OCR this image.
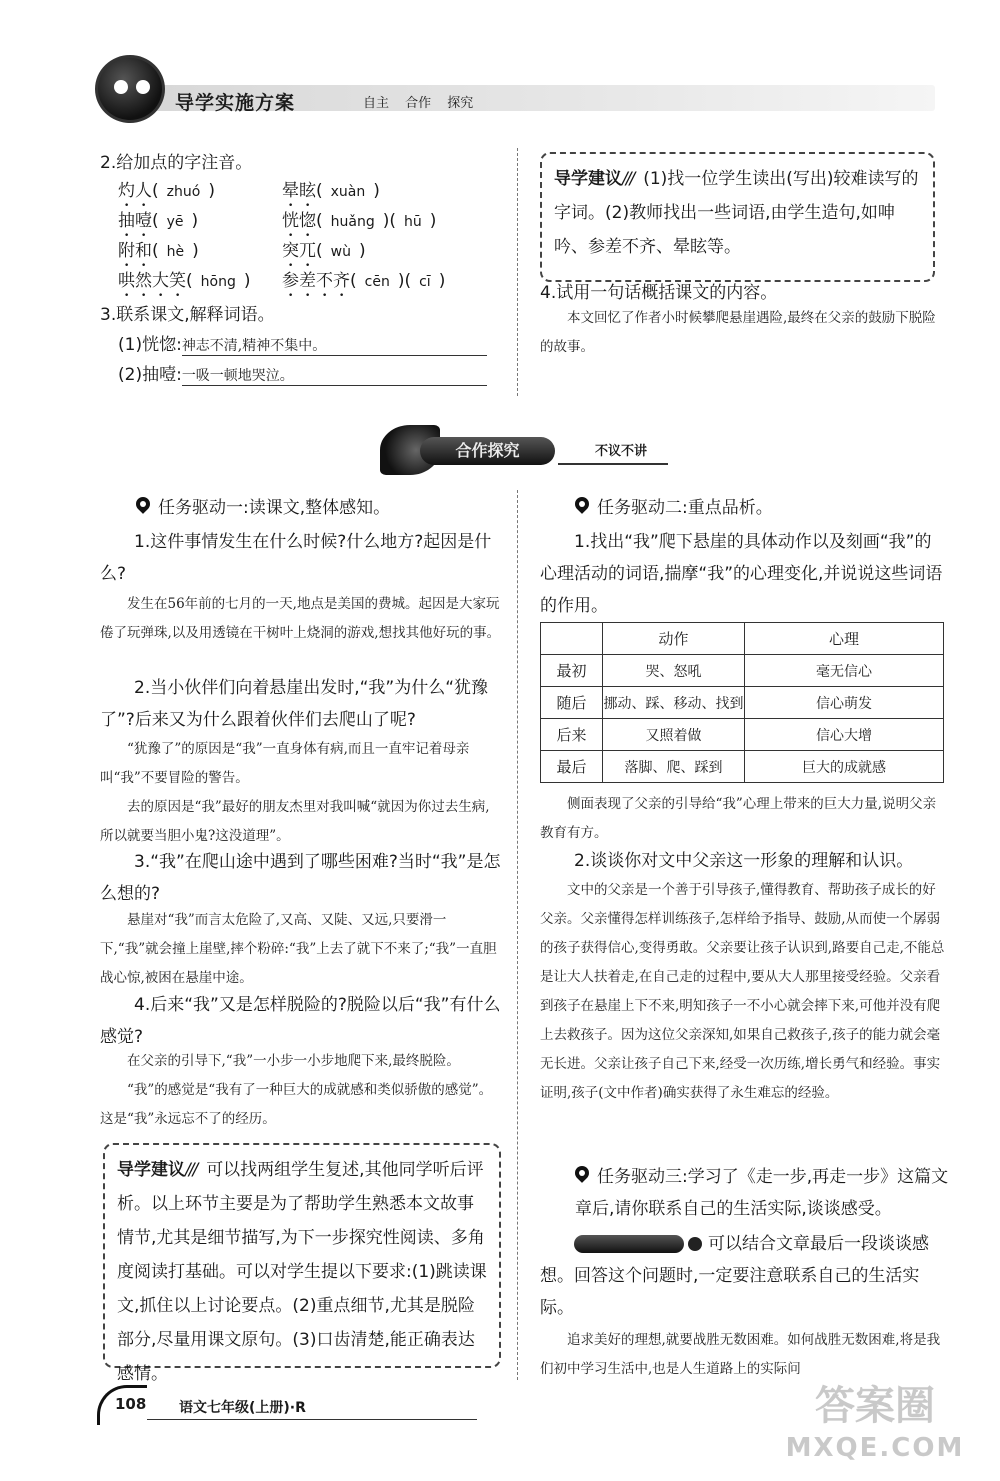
导学实施方案	自主 合作 探究
2.给加点的字注音。
灼人( zhuó )	晕眩( xuàn )
抽噎( yē )	恍惚( huǎng )( hū )
附和( hè )	突兀( wù )
哄然大笑( hōng ) 参差不齐( cēn )( cī )
3.联系课文,解释词语。
(1)恍惚:神志不清,精神不集中。
(2)抽噎:一吸一顿地哭泣。
导学建议/// (1)找一位学生读出(写出)较难读写的字词。(2)教师找出一些词语,由学生造句,如呻吟、参差不齐、晕眩等。
4.试用一句话概括课文的内容。
本文回忆了作者小时候攀爬悬崖遇险,最终在父亲的鼓励下脱险的故事。
合作探究	不议不讲
任务驱动一:读课文,整体感知。
1.这件事情发生在什么时候?什么地方?起因是什么?
发生在56年前的七月的一天,地点是美国的费城。起因是大家玩倦了玩弹珠,以及用透镜在干树叶上烧洞的游戏,想找其他好玩的事。
2.当小伙伴们向着悬崖出发时,“我”为什么“犹豫了”?后来又为什么跟着伙伴们去爬山了呢?
“犹豫了”的原因是“我”一直身体有病,而且一直牢记着母亲叫“我”不要冒险的警告。
去的原因是“我”最好的朋友杰里对我叫喊“就因为你过去生病,所以就要当胆小鬼?这没道理”。
3.“我”在爬山途中遇到了哪些困难?当时“我”是怎么想的?
悬崖对“我”而言太危险了,又高、又陡、又远,只要滑一下,“我”就会撞上崖壁,摔个粉碎:“我”上去了就下不来了;“我”一直胆战心惊,被困在悬崖中途。
4.后来“我”又是怎样脱险的?脱险以后“我”有什么感觉?
在父亲的引导下,“我”一小步一小步地爬下来,最终脱险。
“我”的感觉是“我有了一种巨大的成就感和类似骄傲的感觉”。这是“我”永远忘不了的经历。
导学建议/// 可以找两组学生复述,其他同学听后评析。以上环节主要是为了帮助学生熟悉本文故事情节,尤其是细节描写,为下一步探究性阅读、多角度阅读打基础。可以对学生提以下要求:(1)跳读课文,抓住以上讨论要点。(2)重点细节,尤其是脱险部分,尽量用课文原句。(3)口齿清楚,能正确表达感情。
任务驱动二:重点品析。
1.找出“我”爬下悬崖的具体动作以及刻画“我”的心理活动的词语,揣摩“我”的心理变化,并说说这些词语的作用。
	动作	心理
最初	哭、怒吼	毫无信心
随后	挪动、踩、移动、找到	信心萌发
后来	又照着做	信心大增
最后	落脚、爬、踩到	巨大的成就感
侧面表现了父亲的引导给“我”心理上带来的巨大力量,说明父亲教育有方。
2.谈谈你对文中父亲这一形象的理解和认识。
文中的父亲是一个善于引导孩子,懂得教育、帮助孩子成长的好父亲。父亲懂得怎样训练孩子,怎样给予指导、鼓励,从而使一个孱弱的孩子获得信心,变得勇敢。父亲要让孩子认识到,路要自己走,不能总是让大人扶着走,在自己走的过程中,要从大人那里接受经验。父亲看到孩子在悬崖上下不来,明知孩子一不小心就会摔下来,可他并没有爬上去救孩子。因为这位父亲深知,如果自己救孩子,孩子的能力就会毫无长进。父亲让孩子自己下来,经受一次历练,增长勇气和经验。事实证明,孩子(文中作者)确实获得了永生难忘的经验。
任务驱动三:学习了《走一步,再走一步》这篇文章后,请你联系自己的生活实际,谈谈感受。
可以结合文章最后一段谈谈感想。回答这个问题时,一定要注意联系自己的生活实际。
追求美好的理想,就要战胜无数困难。如何战胜无数困难,将是我们初中学习生活中,也是人生道路上的实际问
108 语文七年级(上册)·R	答案圈
MXQE.COM
